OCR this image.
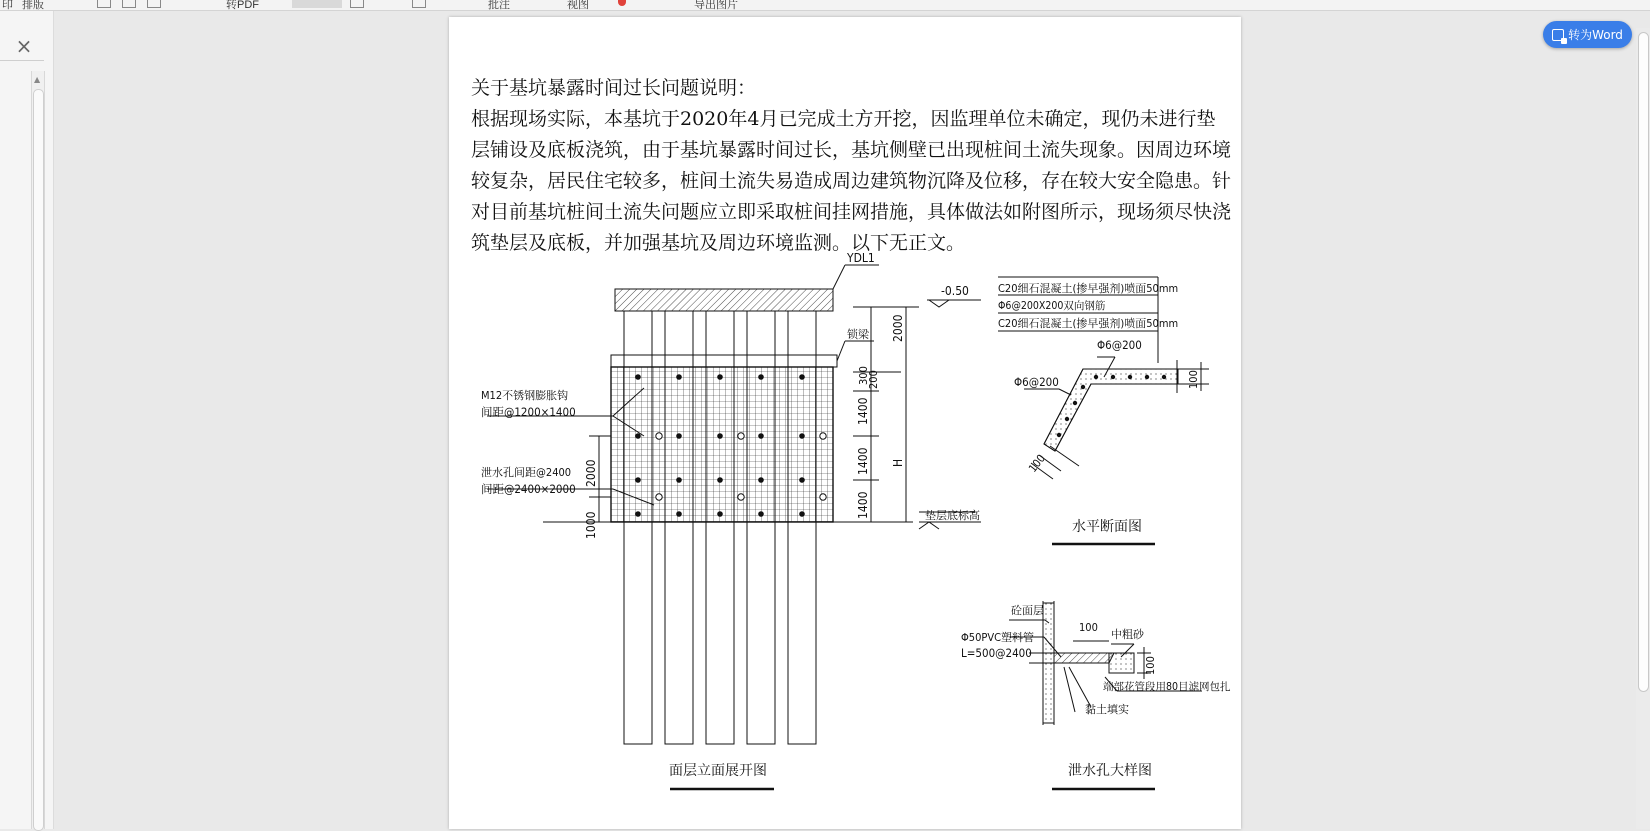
印 排版	转PDF	批注	视图	导出图片
×
▲	关于基坑暴露时间过长问题说明：

根据现场实际，本基坑于2020年4月已完成土方开挖，因监理单位未确定，现仍未进行垫层铺设及底板浇筑，由于基坑暴露时间过长，基坑侧壁已出现桩间土流失现象。因周边环境较复杂，居民住宅较多，桩间土流失易造成周边建筑物沉降及位移，存在较大安全隐患。针对目前基坑桩间土流失问题应立即采取桩间挂网措施，具体做法如附图所示，现场须尽快浇筑垫层及底板，并加强基坑及周边环境监测。以下无正文。

YDL1
-0.50
锁梁
M12不锈钢膨胀钩
间距@1200×1400
泄水孔间距@2400
间距@2400×2000
垫层底标高
2000
300
200
1400
1400
1400
H
2000
1000
面层立面展开图
C20细石混凝土(掺早强剂)喷面50mm
Φ6@200X200双向钢筋
C20细石混凝土(掺早强剂)喷面50mm
Φ6@200
Φ6@200	100
100
水平断面图
砼面层
Φ50PVC塑料管
L=500@2400
100
中粗砂
100
端部花管段用80目滤网包扎
黏土填实
泄水孔大样图
转为Word
